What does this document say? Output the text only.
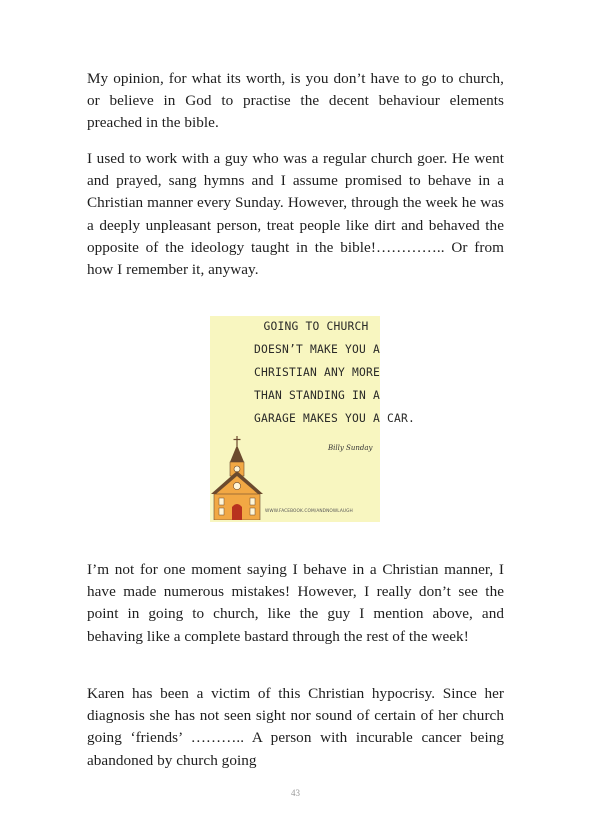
My opinion, for what its worth, is you don’t have to go to church, or believe in God to practise the decent behaviour elements preached in the bible.

I used to work with a guy who was a regular church goer. He went and prayed, sang hymns and I assume promised to behave in a Christian manner every Sunday. However, through the week he was a deeply unpleasant person, treat people like dirt and behaved the opposite of the ideology taught in the bible!………….. Or from how I remember it, anyway.

GOING TO CHURCH
DOESN’T MAKE YOU A
CHRISTIAN ANY MORE
THAN STANDING IN A
GARAGE MAKES YOU A CAR.
Billy Sunday
WWW.FACEBOOK.COM/ANDNOWLAUGH

I’m not for one moment saying I behave in a Christian manner, I have made numerous mistakes! However, I really don’t see the point in going to church, like the guy I mention above, and behaving like a complete bastard through the rest of the week!

Karen has been a victim of this Christian hypocrisy. Since her diagnosis she has not seen sight nor sound of certain of her church going ‘friends’ ……….. A person with incurable cancer being abandoned by church going

43
